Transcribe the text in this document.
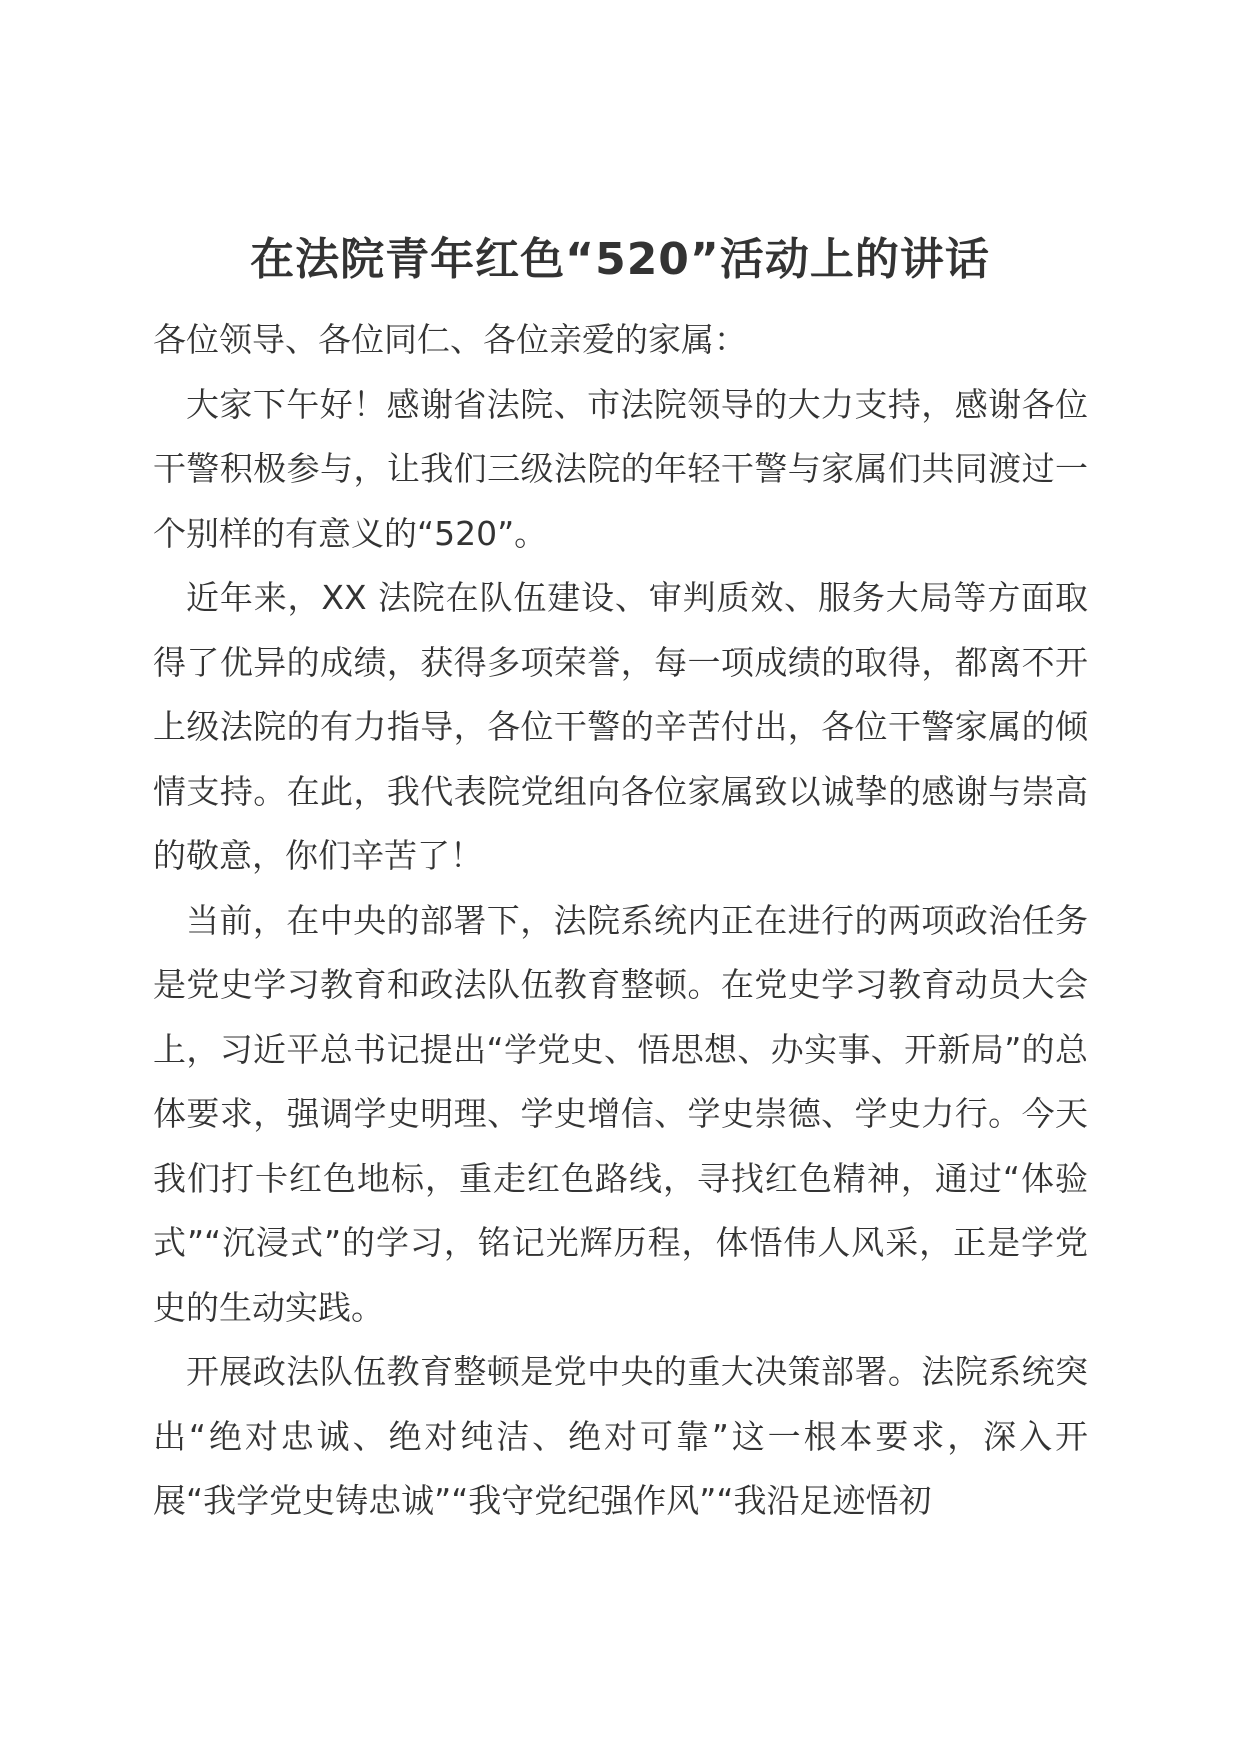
在法院青年红色“520”活动上的讲话

各位领导、各位同仁、各位亲爱的家属：

大家下午好！感谢省法院、市法院领导的大力支持，感谢各位干警积极参与，让我们三级法院的年轻干警与家属们共同渡过一个别样的有意义的“520”。

近年来，XX 法院在队伍建设、审判质效、服务大局等方面取得了优异的成绩，获得多项荣誉，每一项成绩的取得，都离不开上级法院的有力指导，各位干警的辛苦付出，各位干警家属的倾情支持。在此，我代表院党组向各位家属致以诚挚的感谢与崇高的敬意，你们辛苦了！

当前，在中央的部署下，法院系统内正在进行的两项政治任务是党史学习教育和政法队伍教育整顿。在党史学习教育动员大会上，习近平总书记提出“学党史、悟思想、办实事、开新局”的总体要求，强调学史明理、学史增信、学史崇德、学史力行。今天我们打卡红色地标，重走红色路线，寻找红色精神，通过“体验式”“沉浸式”的学习，铭记光辉历程，体悟伟人风采，正是学党史的生动实践。

开展政法队伍教育整顿是党中央的重大决策部署。法院系统突出“绝对忠诚、绝对纯洁、绝对可靠”这一根本要求，深入开展“我学党史铸忠诚”“我守党纪强作风”“我沿足迹悟初
